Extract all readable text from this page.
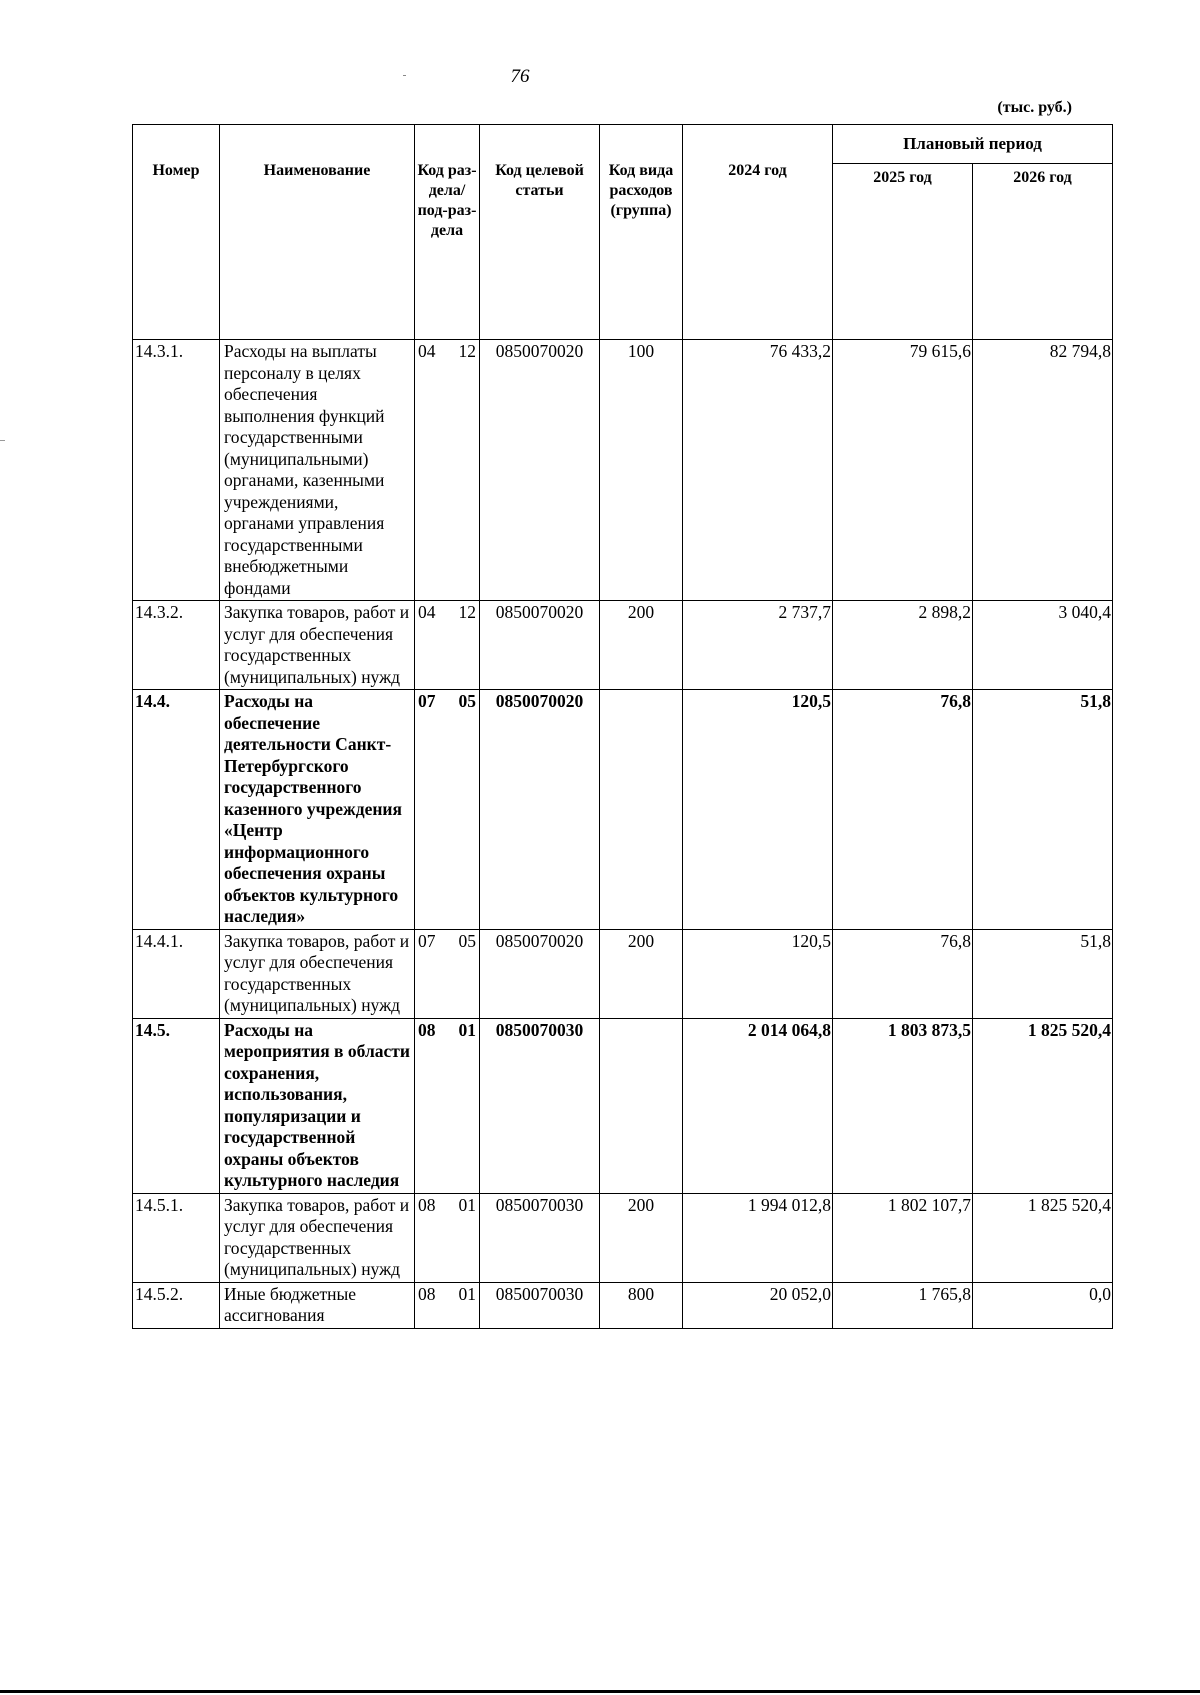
76
(тыс. руб.)
Номер	Наименование	Код раз-дела/ под-раз-дела	Код целевой статьи	Код вида расходов (группа)	2024 год	Плановый период	
						2025 год	2026 год
14.3.1.	Расходы на выплаты персоналу в целях обеспечения выполнения функций государственными (муниципальными) органами, казенными учреждениями, органами управления государственными внебюджетными фондами	04 12	0850070020	100	76 433,2	79 615,6	82 794,8
14.3.2.	Закупка товаров, работ и услуг для обеспечения государственных (муниципальных) нужд	04 12	0850070020	200	2 737,7	2 898,2	3 040,4
14.4.	Расходы на обеспечение деятельности Санкт-Петербургского государственного казенного учреждения «Центр информационного обеспечения охраны объектов культурного наследия»	07 05	0850070020		120,5	76,8	51,8
14.4.1.	Закупка товаров, работ и услуг для обеспечения государственных (муниципальных) нужд	07 05	0850070020	200	120,5	76,8	51,8
14.5.	Расходы на мероприятия в области сохранения, использования, популяризации и государственной охраны объектов культурного наследия	08 01	0850070030		2 014 064,8	1 803 873,5	1 825 520,4
14.5.1.	Закупка товаров, работ и услуг для обеспечения государственных (муниципальных) нужд	08 01	0850070030	200	1 994 012,8	1 802 107,7	1 825 520,4
14.5.2.	Иные бюджетные ассигнования	08 01	0850070030	800	20 052,0	1 765,8	0,0
